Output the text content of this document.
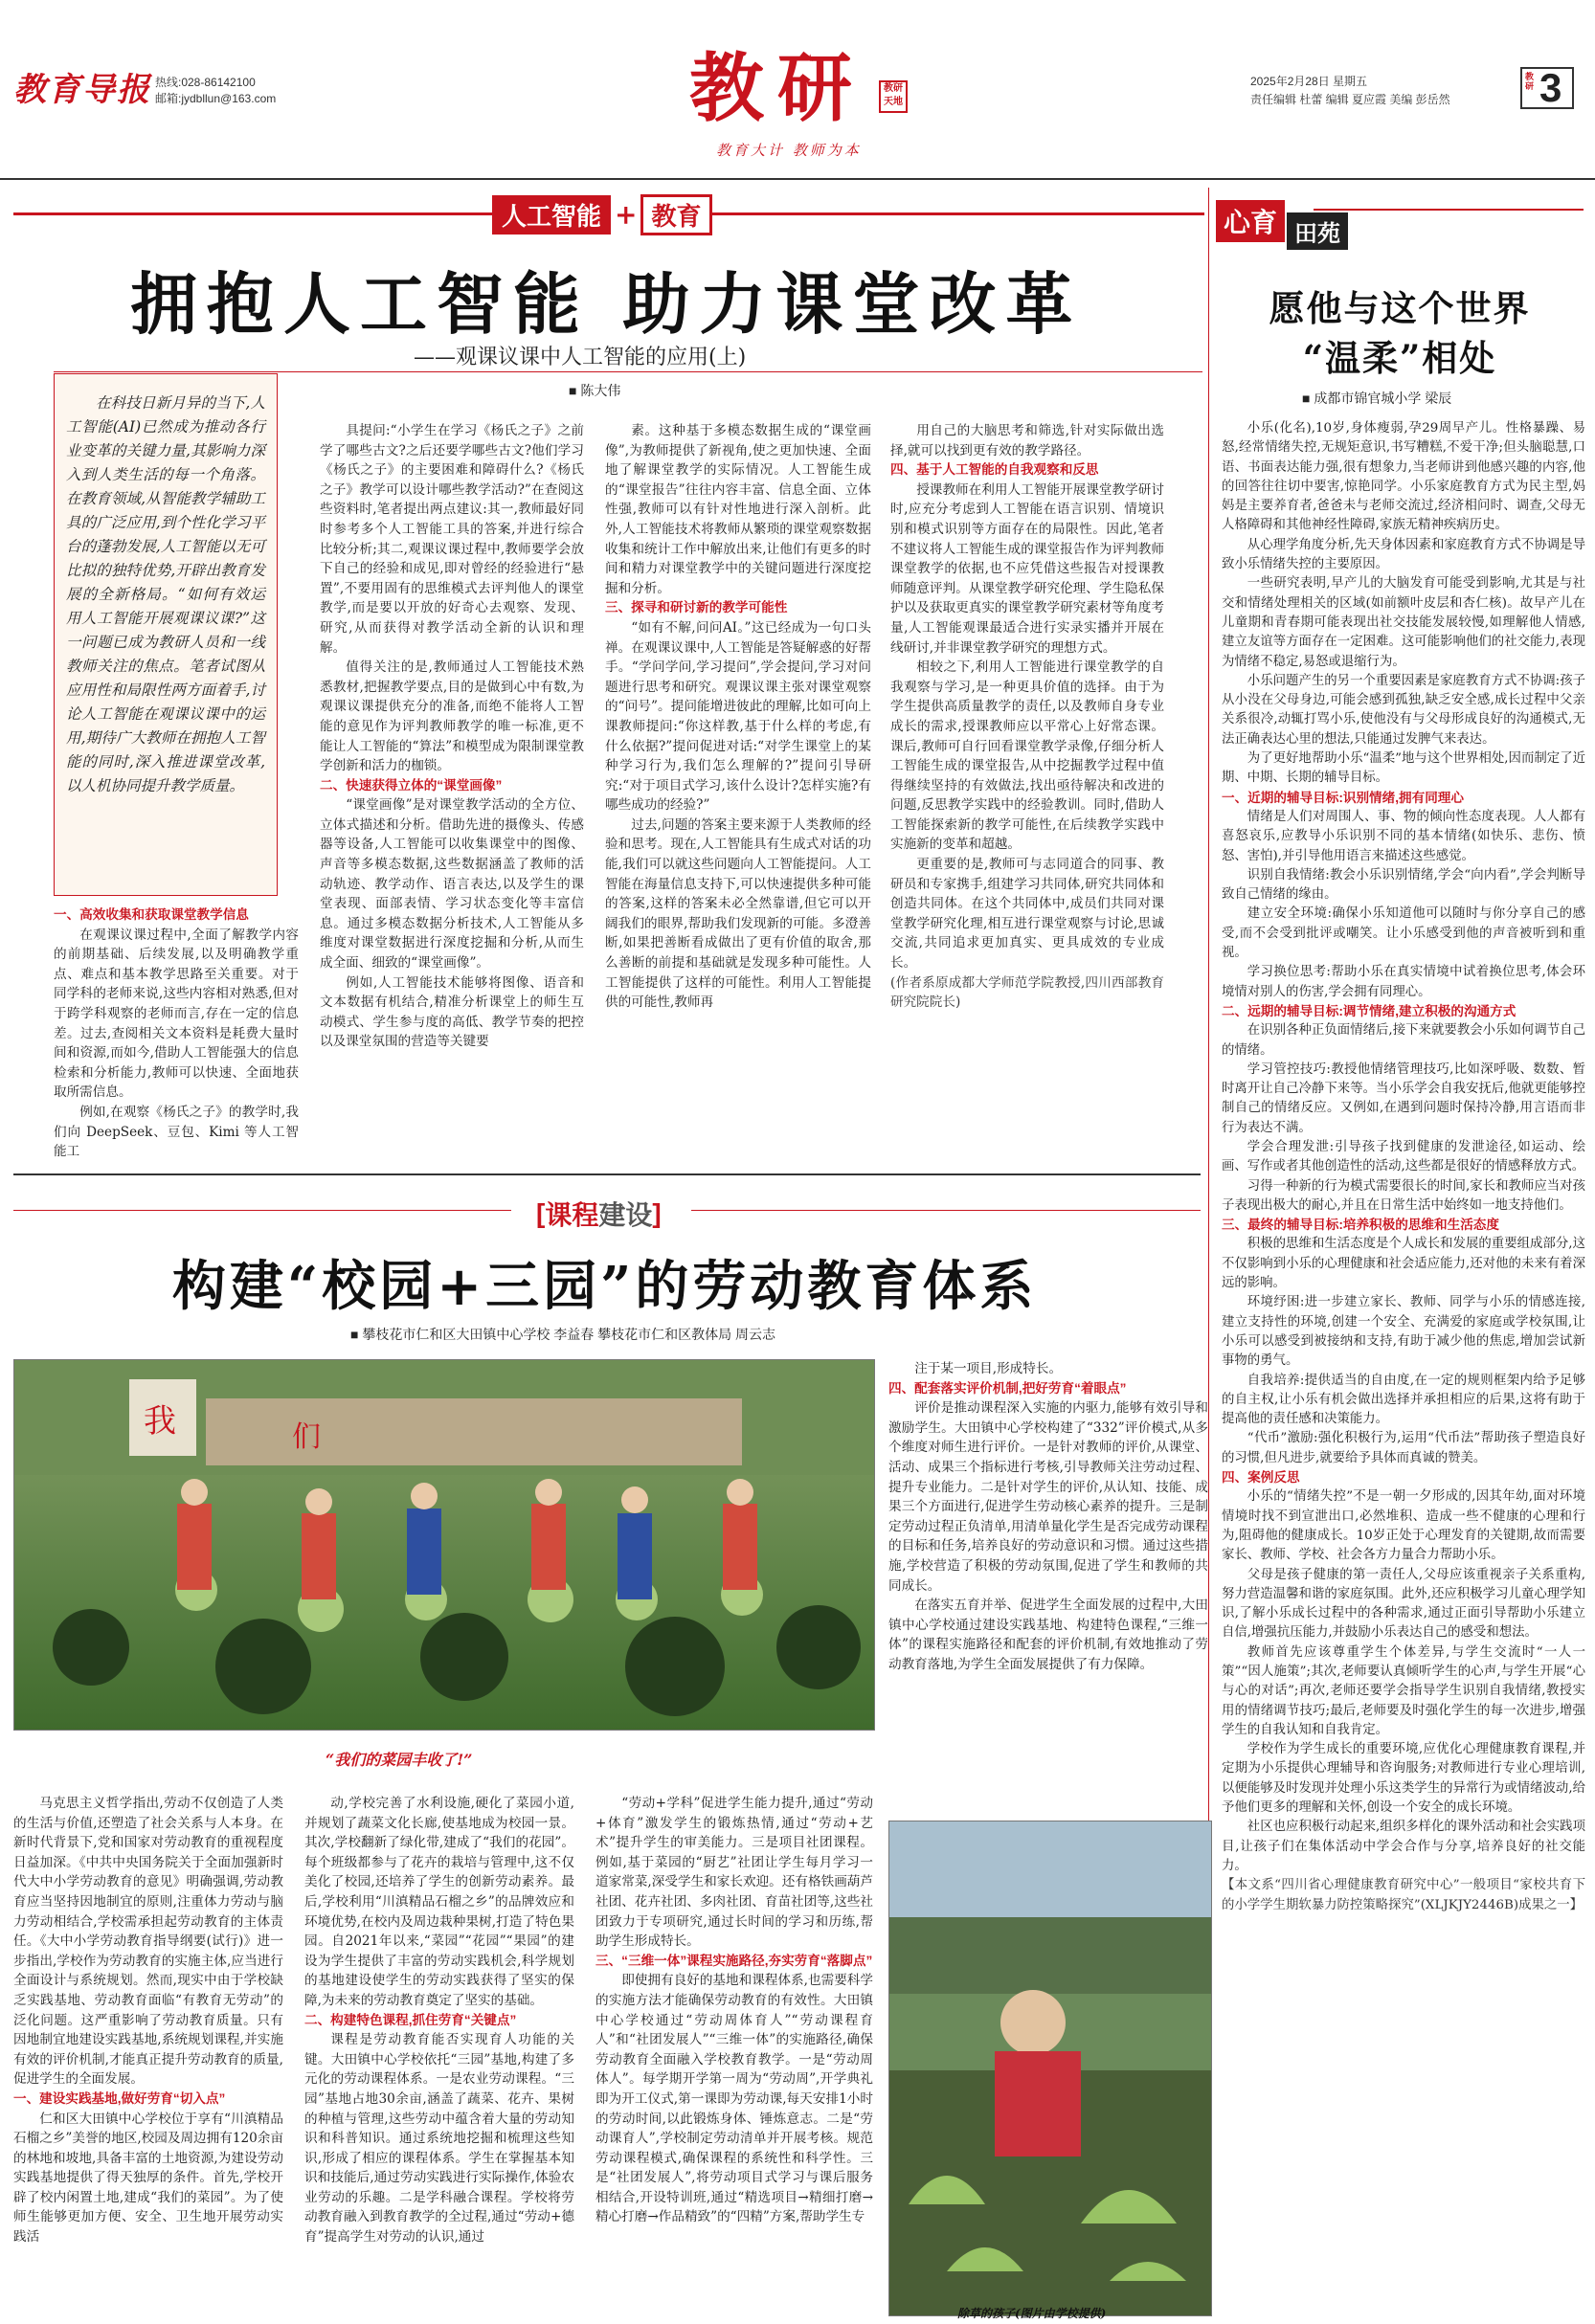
教育导报 热线:028-86142100
邮箱:jydbllun@163.com	教研	教研天地
教育大计 教师为本
2025年2月28日 星期五
责任编辑 杜蕾 编辑 夏应霞 美编 彭岳然
教研 3
人工智能 + 教育
拥抱人工智能 助力课堂改革
——观课议课中人工智能的应用(上)
■ 陈大伟
在科技日新月异的当下,人工智能(AI)已然成为推动各行业变革的关键力量,其影响力深入到人类生活的每一个角落。在教育领域,从智能教学辅助工具的广泛应用,到个性化学习平台的蓬勃发展,人工智能以无可比拟的独特优势,开辟出教育发展的全新格局。“如何有效运用人工智能开展观课议课?”这一问题已成为教研人员和一线教师关注的焦点。笔者试图从应用性和局限性两方面着手,讨论人工智能在观课议课中的运用,期待广大教师在拥抱人工智能的同时,深入推进课堂改革,以人机协同提升教学质量。

一、高效收集和获取课堂教学信息

在观课议课过程中,全面了解教学内容的前期基础、后续发展,以及明确教学重点、难点和基本教学思路至关重要。对于同学科的老师来说,这些内容相对熟悉,但对于跨学科观察的老师而言,存在一定的信息差。过去,查阅相关文本资料是耗费大量时间和资源,而如今,借助人工智能强大的信息检索和分析能力,教师可以快速、全面地获取所需信息。

例如,在观察《杨氏之子》的教学时,我们向 DeepSeek、豆包、Kimi 等人工智能工

具提问:“小学生在学习《杨氏之子》之前学了哪些古文?之后还要学哪些古文?他们学习《杨氏之子》的主要困难和障碍什么?《杨氏之子》教学可以设计哪些教学活动?”在查阅这些资料时,笔者提出两点建议:其一,教师最好同时参考多个人工智能工具的答案,并进行综合比较分析;其二,观课议课过程中,教师要学会放下自己的经验和成见,即对曾经的经验进行“悬置”,不要用固有的思维模式去评判他人的课堂教学,而是要以开放的好奇心去观察、发现、研究,从而获得对教学活动全新的认识和理解。

值得关注的是,教师通过人工智能技术熟悉教材,把握教学要点,目的是做到心中有数,为观课议课提供充分的准备,而绝不能将人工智能的意见作为评判教师教学的唯一标准,更不能让人工智能的“算法”和模型成为限制课堂教学创新和活力的枷锁。

二、快速获得立体的“课堂画像”

“课堂画像”是对课堂教学活动的全方位、立体式描述和分析。借助先进的摄像头、传感器等设备,人工智能可以收集课堂中的图像、声音等多模态数据,这些数据涵盖了教师的活动轨迹、教学动作、语言表达,以及学生的课堂表现、面部表情、学习状态变化等丰富信息。通过多模态数据分析技术,人工智能从多维度对课堂数据进行深度挖掘和分析,从而生成全面、细致的“课堂画像”。

例如,人工智能技术能够将图像、语音和文本数据有机结合,精准分析课堂上的师生互动模式、学生参与度的高低、教学节奏的把控以及课堂氛围的营造等关键要

素。这种基于多模态数据生成的“课堂画像”,为教师提供了新视角,使之更加快速、全面地了解课堂教学的实际情况。人工智能生成的“课堂报告”往往内容丰富、信息全面、立体性强,教师可以有针对性地进行深入剖析。此外,人工智能技术将教师从繁琐的课堂观察数据收集和统计工作中解放出来,让他们有更多的时间和精力对课堂教学中的关键问题进行深度挖掘和分析。

三、探寻和研讨新的教学可能性

“如有不解,问问AI。”这已经成为一句口头禅。在观课议课中,人工智能是答疑解惑的好帮手。“学问学问,学习提问”,学会提问,学习对问题进行思考和研究。观课议课主张对课堂观察的“问号”。提问能增进彼此的理解,比如可向上课教师提问:“你这样教,基于什么样的考虑,有什么依据?”提问促进对话:“对学生课堂上的某种学习行为,我们怎么理解的?”提问引导研究:“对于项目式学习,该什么设计?怎样实施?有哪些成功的经验?”

过去,问题的答案主要来源于人类教师的经验和思考。现在,人工智能具有生成式对话的功能,我们可以就这些问题向人工智能提问。人工智能在海量信息支持下,可以快速提供多种可能的答案,这样的答案未必全然靠谱,但它可以开阔我们的眼界,帮助我们发现新的可能。多澄善断,如果把善断看成做出了更有价值的取舍,那么善断的前提和基础就是发现多种可能性。人工智能提供了这样的可能性。利用人工智能提供的可能性,教师再

用自己的大脑思考和筛选,针对实际做出选择,就可以找到更有效的教学路径。

四、基于人工智能的自我观察和反思

授课教师在利用人工智能开展课堂教学研讨时,应充分考虑到人工智能在语言识别、情境识别和模式识别等方面存在的局限性。因此,笔者不建议将人工智能生成的课堂报告作为评判教师课堂教学的依据,也不应凭借这些报告对授课教师随意评判。从课堂教学研究伦理、学生隐私保护以及获取更真实的课堂教学研究素材等角度考量,人工智能观课最适合进行实录实播并开展在线研讨,并非课堂教学研究的理想方式。

相较之下,利用人工智能进行课堂教学的自我观察与学习,是一种更具价值的选择。由于为学生提供高质量教学的责任,以及教师自身专业成长的需求,授课教师应以平常心上好常态课。课后,教师可自行回看课堂教学录像,仔细分析人工智能生成的课堂报告,从中挖掘教学过程中值得继续坚持的有效做法,找出亟待解决和改进的问题,反思教学实践中的经验教训。同时,借助人工智能探索新的教学可能性,在后续教学实践中实施新的变革和超越。

更重要的是,教师可与志同道合的同事、教研员和专家携手,组建学习共同体,研究共同体和创造共同体。在这个共同体中,成员们共同对课堂教学研究化理,相互进行课堂观察与讨论,思诚交流,共同追求更加真实、更具成效的专业成长。

(作者系原成都大学师范学院教授,四川西部教育研究院院长)

心育 田苑
愿他与这个世界
“温柔”相处
■ 成都市锦官城小学 梁辰

小乐(化名),10岁,身体瘦弱,孕29周早产儿。性格暴躁、易怒,经常情绪失控,无规矩意识,书写糟糕,不爱干净;但头脑聪慧,口语、书面表达能力强,很有想象力,当老师讲到他感兴趣的内容,他的回答往往切中要害,惊艳同学。小乐家庭教育方式为民主型,妈妈是主要养育者,爸爸未与老师交流过,经济相问时、调查,父母无人格障碍和其他神经性障碍,家族无精神疾病历史。

从心理学角度分析,先天身体因素和家庭教育方式不协调是导致小乐情绪失控的主要原因。

一些研究表明,早产儿的大脑发育可能受到影响,尤其是与社交和情绪处理相关的区域(如前额叶皮层和杏仁核)。故早产儿在儿童期和青春期可能表现出社交技能发展较慢,如理解他人情感,建立友谊等方面存在一定困难。这可能影响他们的社交能力,表现为情绪不稳定,易怒或退缩行为。

小乐问题产生的另一个重要因素是家庭教育方式不协调:孩子从小没在父母身边,可能会感到孤独,缺乏安全感,成长过程中父亲关系很冷,动辄打骂小乐,使他没有与父母形成良好的沟通模式,无法正确表达心里的想法,只能通过发脾气来表达。

为了更好地帮助小乐“温柔”地与这个世界相处,因而制定了近期、中期、长期的辅导目标。

一、近期的辅导目标:识别情绪,拥有同理心

情绪是人们对周围人、事、物的倾向性态度表现。人人都有喜怒哀乐,应教导小乐识别不同的基本情绪(如快乐、悲伤、愤怒、害怕),并引导他用语言来描述这些感觉。

识别自我情绪:教会小乐识别情绪,学会“向内看”,学会判断导致自己情绪的缘由。

建立安全环境:确保小乐知道他可以随时与你分享自己的感受,而不会受到批评或嘲笑。让小乐感受到他的声音被听到和重视。

学习换位思考:帮助小乐在真实情境中试着换位思考,体会环境情对别人的伤害,学会拥有同理心。

二、远期的辅导目标:调节情绪,建立积极的沟通方式

在识别各种正负面情绪后,接下来就要教会小乐如何调节自己的情绪。

学习管控技巧:教授他情绪管理技巧,比如深呼吸、数数、暂时离开让自己冷静下来等。当小乐学会自我安抚后,他就更能够控制自己的情绪反应。又例如,在遇到问题时保持冷静,用言语而非行为表达不满。

学会合理发泄:引导孩子找到健康的发泄途径,如运动、绘画、写作或者其他创造性的活动,这些都是很好的情感释放方式。

习得一种新的行为模式需要很长的时间,家长和教师应当对孩子表现出极大的耐心,并且在日常生活中始终如一地支持他们。

三、最终的辅导目标:培养积极的思维和生活态度

积极的思维和生活态度是个人成长和发展的重要组成部分,这不仅影响到小乐的心理健康和社会适应能力,还对他的未来有着深远的影响。

环境纾困:进一步建立家长、教师、同学与小乐的情感连接,建立支持性的环境,创建一个安全、充满爱的家庭或学校氛围,让小乐可以感受到被接纳和支持,有助于减少他的焦虑,增加尝试新事物的勇气。

自我培养:提供适当的自由度,在一定的规则框架内给予足够的自主权,让小乐有机会做出选择并承担相应的后果,这将有助于提高他的责任感和决策能力。

“代币”激励:强化积极行为,运用“代币法”帮助孩子塑造良好的习惯,但凡进步,就要给予具体而真诚的赞美。

四、案例反思

小乐的“情绪失控”不是一朝一夕形成的,因其年幼,面对环境情境时找不到宣泄出口,必然堆积、造成一些不健康的心理和行为,阻碍他的健康成长。10岁正处于心理发育的关键期,故而需要家长、教师、学校、社会各方力量合力帮助小乐。

父母是孩子健康的第一责任人,父母应该重视亲子关系重构,努力营造温馨和谐的家庭氛围。此外,还应积极学习儿童心理学知识,了解小乐成长过程中的各种需求,通过正面引导帮助小乐建立自信,增强抗压能力,并鼓励小乐表达自己的感受和想法。

教师首先应该尊重学生个体差异,与学生交流时“一人一策”“因人施策”;其次,老师要认真倾听学生的心声,与学生开展“心与心的对话”;再次,老师还要学会指导学生识别自我情绪,教授实用的情绪调节技巧;最后,老师要及时强化学生的每一次进步,增强学生的自我认知和自我肯定。

学校作为学生成长的重要环境,应优化心理健康教育课程,并定期为小乐提供心理辅导和咨询服务;对教师进行专业心理培训,以便能够及时发现并处理小乐这类学生的异常行为或情绪波动,给予他们更多的理解和关怀,创设一个安全的成长环境。

社区也应积极行动起来,组织多样化的课外活动和社会实践项目,让孩子们在集体活动中学会合作与分享,培养良好的社交能力。

【本文系“四川省心理健康教育研究中心”一般项目“家校共育下的小学学生期软暴力防控策略探究”(XLJKJY2446B)成果之一】

[ 课程 建设 ]
构建“校园+三园”的劳动教育体系
■ 攀枝花市仁和区大田镇中心学校 李益春 攀枝花市仁和区教体局 周云志
我	们
“我们的菜园丰收了!”

马克思主义哲学指出,劳动不仅创造了人类的生活与价值,还塑造了社会关系与人本身。在新时代背景下,党和国家对劳动教育的重视程度日益加深。《中共中央国务院关于全面加强新时代大中小学劳动教育的意见》明确强调,劳动教育应当坚持因地制宜的原则,注重体力劳动与脑力劳动相结合,学校需承担起劳动教育的主体责任。《大中小学劳动教育指导纲要(试行)》进一步指出,学校作为劳动教育的实施主体,应当进行全面设计与系统规划。然而,现实中由于学校缺乏实践基地、劳动教育面临“有教育无劳动”的泛化问题。这严重影响了劳动教育质量。只有因地制宜地建设实践基地,系统规划课程,并实施有效的评价机制,才能真正提升劳动教育的质量,促进学生的全面发展。

一、建设实践基地,做好劳育“切入点”

仁和区大田镇中心学校位于享有“川滇精品石榴之乡”美誉的地区,校园及周边拥有120余亩的林地和坡地,具备丰富的土地资源,为建设劳动实践基地提供了得天独厚的条件。首先,学校开辟了校内闲置土地,建成“我们的菜园”。为了使师生能够更加方便、安全、卫生地开展劳动实践活

动,学校完善了水利设施,硬化了菜园小道,并规划了蔬菜文化长廊,使基地成为校园一景。其次,学校翻新了绿化带,建成了“我们的花园”。每个班级都参与了花卉的栽培与管理中,这不仅美化了校园,还培养了学生的创新劳动素养。最后,学校利用“川滇精品石榴之乡”的品牌效应和环境优势,在校内及周边栽种果树,打造了特色果园。自2021年以来,“菜园”“花园”“果园”的建设为学生提供了丰富的劳动实践机会,科学规划的基地建设使学生的劳动实践获得了坚实的保障,为未来的劳动教育奠定了坚实的基础。

二、构建特色课程,抓住劳育“关键点”

课程是劳动教育能否实现育人功能的关键。大田镇中心学校依托“三园”基地,构建了多元化的劳动课程体系。一是农业劳动课程。“三园”基地占地30余亩,涵盖了蔬菜、花卉、果树的种植与管理,这些劳动中蕴含着大量的劳动知识和科普知识。通过系统地挖掘和梳理这些知识,形成了相应的课程体系。学生在掌握基本知识和技能后,通过劳动实践进行实际操作,体验农业劳动的乐趣。二是学科融合课程。学校将劳动教育融入到教育教学的全过程,通过“劳动+德育”提高学生对劳动的认识,通过

“劳动+学科”促进学生能力提升,通过“劳动+体育”激发学生的锻炼热情,通过“劳动+艺术”提升学生的审美能力。三是项目社团课程。例如,基于菜园的“厨艺”社团让学生每月学习一道家常菜,深受学生和家长欢迎。还有格铁画葫芦社团、花卉社团、多肉社团、育苗社团等,这些社团致力于专项研究,通过长时间的学习和历练,帮助学生形成特长。

三、“三维一体”课程实施路径,夯实劳育“落脚点”

即使拥有良好的基地和课程体系,也需要科学的实施方法才能确保劳动教育的有效性。大田镇中心学校通过“劳动周体育人”“劳动课程育人”和“社团发展人”“三维一体”的实施路径,确保劳动教育全面融入学校教育教学。一是“劳动周体人”。每学期开学第一周为“劳动周”,开学典礼即为开工仪式,第一课即为劳动课,每天安排1小时的劳动时间,以此锻炼身体、锤炼意志。二是“劳动课育人”,学校制定劳动清单并开展考核。规范劳动课程模式,确保课程的系统性和科学性。三是“社团发展人”,将劳动项目式学习与课后服务相结合,开设特训班,通过“精选项目→精细打磨→精心打磨→作品精致”的“四精”方案,帮助学生专

注于某一项目,形成特长。

四、配套落实评价机制,把好劳育“着眼点”

评价是推动课程深入实施的内驱力,能够有效引导和激励学生。大田镇中心学校构建了“332”评价模式,从多个维度对师生进行评价。一是针对教师的评价,从课堂、活动、成果三个指标进行考核,引导教师关注劳动过程、提升专业能力。二是针对学生的评价,从认知、技能、成果三个方面进行,促进学生劳动核心素养的提升。三是制定劳动过程正负清单,用清单量化学生是否完成劳动课程的目标和任务,培养良好的劳动意识和习惯。通过这些措施,学校营造了积极的劳动氛围,促进了学生和教师的共同成长。

在落实五育并举、促进学生全面发展的过程中,大田镇中心学校通过建设实践基地、构建特色课程,“三维一体”的课程实施路径和配套的评价机制,有效地推动了劳动教育落地,为学生全面发展提供了有力保障。

除草的孩子(图片由学校提供)
